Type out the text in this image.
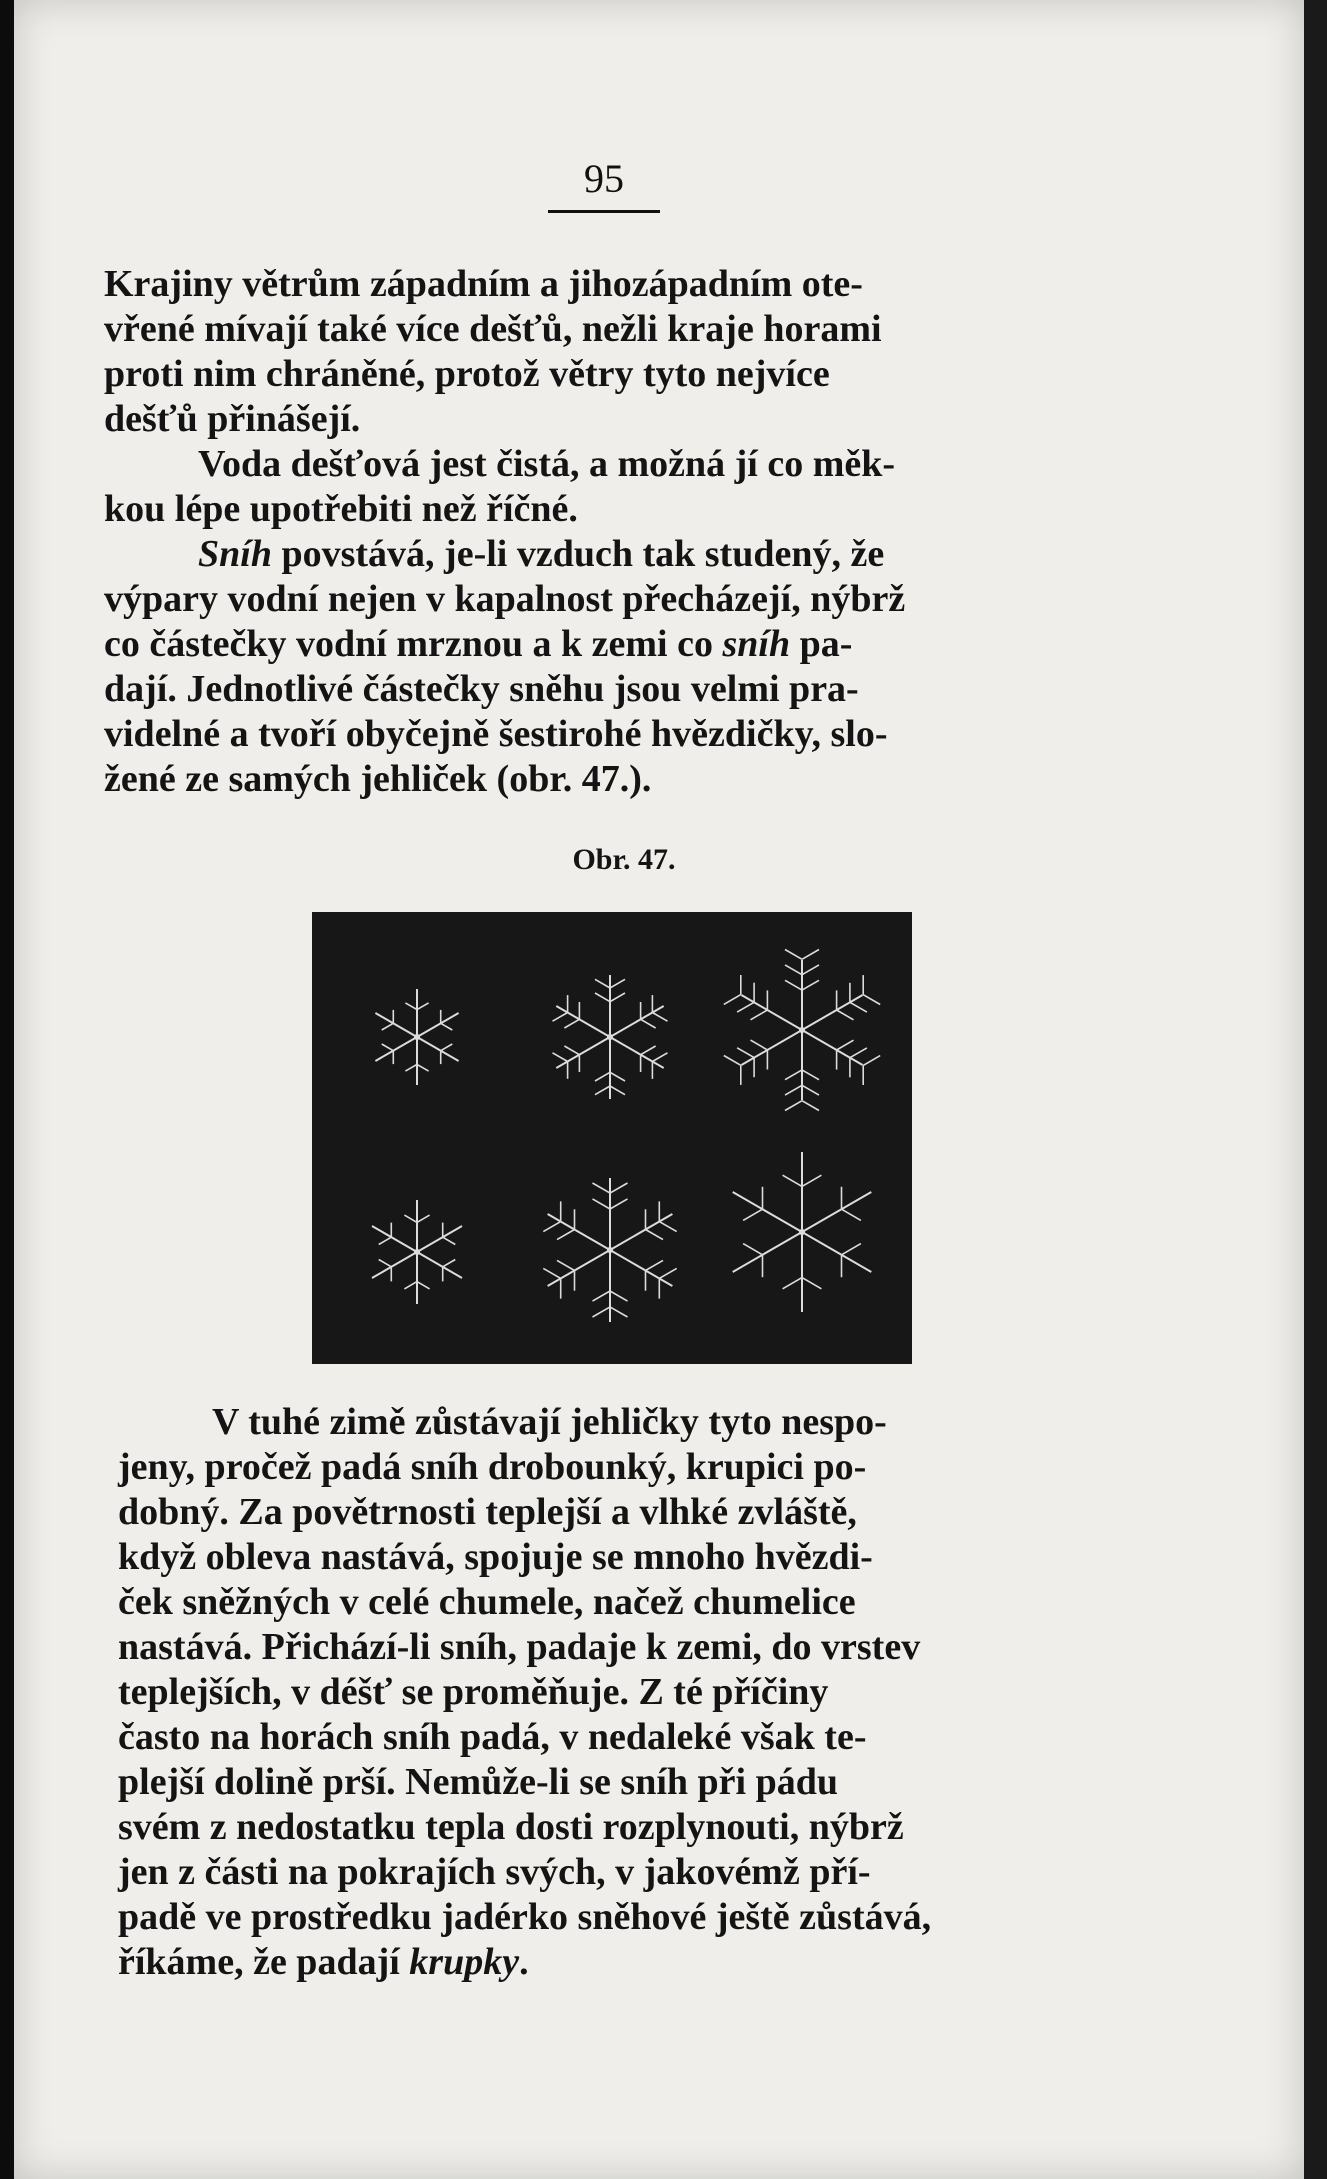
95

Krajiny větrům západním a jihozápadním ote-
vřené mívají také více dešťů, nežli kraje horami
proti nim chráněné, protož větry tyto nejvíce
dešťů přinášejí.

Voda dešťová jest čistá, a možná jí co měk-
kou lépe upotřebiti než říčné.

Sníh povstává, je-li vzduch tak studený, že
výpary vodní nejen v kapalnost přecházejí, nýbrž
co částečky vodní mrznou a k zemi co sníh pa-
dají. Jednotlivé částečky sněhu jsou velmi pra-
videlné a tvoří obyčejně šestirohé hvězdičky, slo-
žené ze samých jehliček (obr. 47.).

Obr. 47.

V tuhé zimě zůstávají jehličky tyto nespo-
jeny, pročež padá sníh drobounký, krupici po-
dobný. Za povětrnosti teplejší a vlhké zvláště,
když obleva nastává, spojuje se mnoho hvězdi-
ček sněžných v celé chumele, načež chumelice
nastává. Přichází-li sníh, padaje k zemi, do vrstev
teplejších, v déšť se proměňuje. Z té příčiny
často na horách sníh padá, v nedaleké však te-
plejší dolině prší. Nemůže-li se sníh při pádu
svém z nedostatku tepla dosti rozplynouti, nýbrž
jen z části na pokrajích svých, v jakovémž pří-
padě ve prostředku jadérko sněhové ještě zůstává,
říkáme, že padají krupky.
